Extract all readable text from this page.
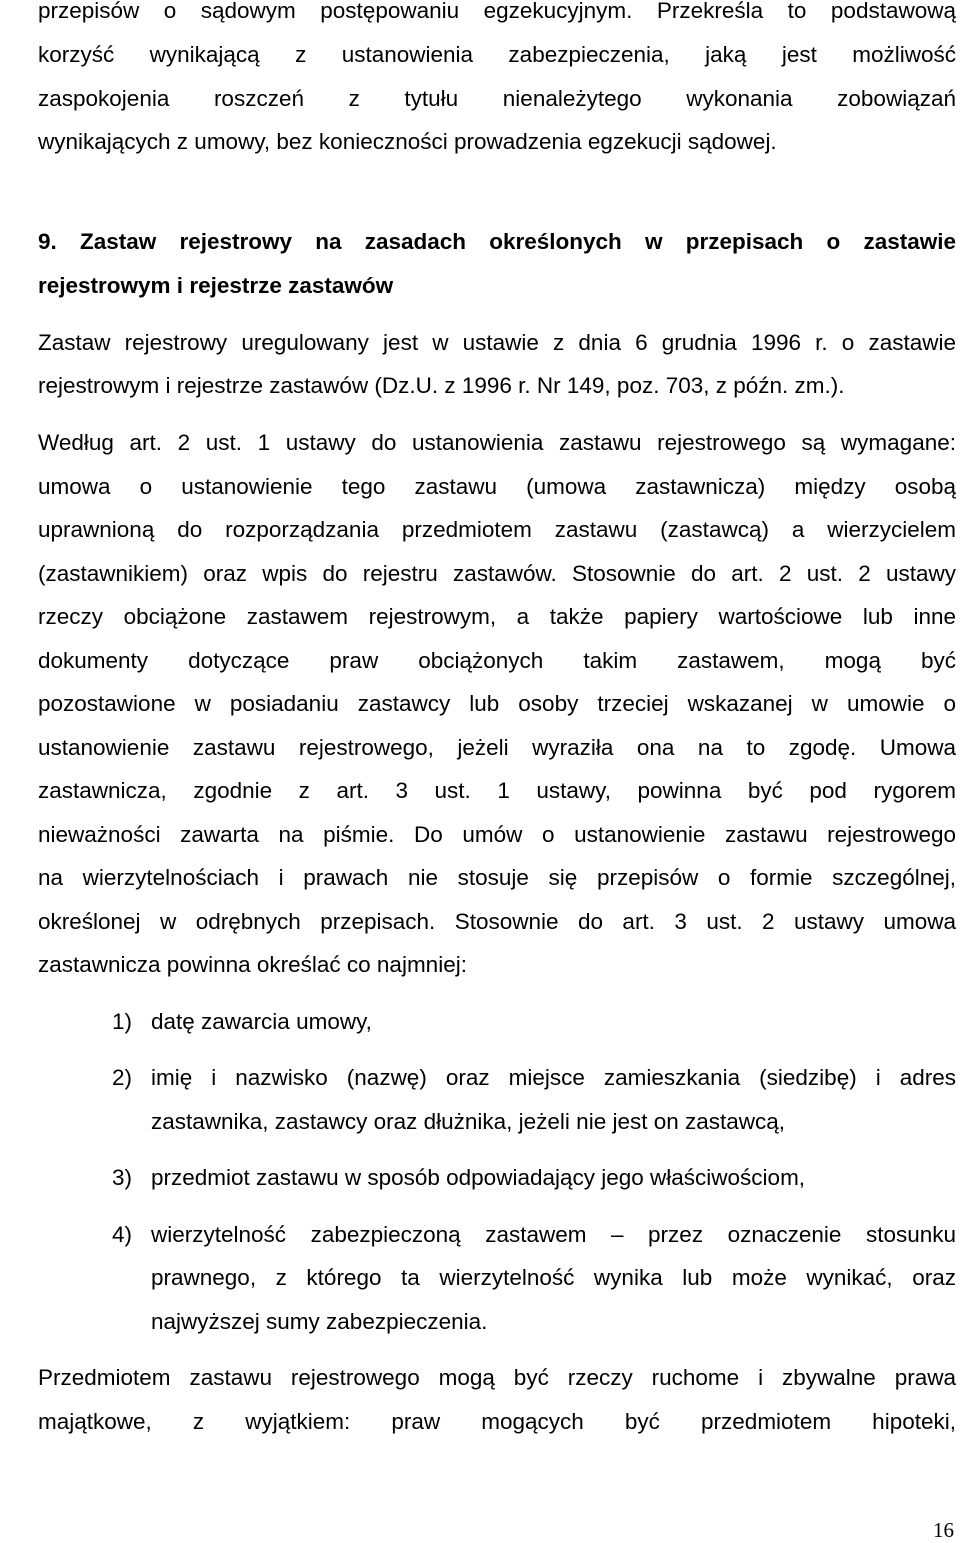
przepisów o sądowym postępowaniu egzekucyjnym. Przekreśla to podstawową
korzyść wynikającą z ustanowienia zabezpieczenia, jaką jest możliwość
zaspokojenia roszczeń z tytułu nienależytego wykonania zobowiązań
wynikających z umowy, bez konieczności prowadzenia egzekucji sądowej.
9. Zastaw rejestrowy na zasadach określonych w przepisach o zastawie
rejestrowym i rejestrze zastawów
Zastaw rejestrowy uregulowany jest w ustawie z dnia 6 grudnia 1996 r. o zastawie
rejestrowym i rejestrze zastawów (Dz.U. z 1996 r. Nr 149, poz. 703, z późn. zm.).
Według art. 2 ust. 1 ustawy do ustanowienia zastawu rejestrowego są wymagane:
umowa o ustanowienie tego zastawu (umowa zastawnicza) między osobą
uprawnioną do rozporządzania przedmiotem zastawu (zastawcą) a wierzycielem
(zastawnikiem) oraz wpis do rejestru zastawów. Stosownie do art. 2 ust. 2 ustawy
rzeczy obciążone zastawem rejestrowym, a także papiery wartościowe lub inne
dokumenty dotyczące praw obciążonych takim zastawem, mogą być
pozostawione w posiadaniu zastawcy lub osoby trzeciej wskazanej w umowie o
ustanowienie zastawu rejestrowego, jeżeli wyraziła ona na to zgodę. Umowa
zastawnicza, zgodnie z art. 3 ust. 1 ustawy, powinna być pod rygorem
nieważności zawarta na piśmie. Do umów o ustanowienie zastawu rejestrowego
na wierzytelnościach i prawach nie stosuje się przepisów o formie szczególnej,
określonej w odrębnych przepisach. Stosownie do art. 3 ust. 2 ustawy umowa
zastawnicza powinna określać co najmniej:
1) datę zawarcia umowy,
2) imię i nazwisko (nazwę) oraz miejsce zamieszkania (siedzibę) i adres
zastawnika, zastawcy oraz dłużnika, jeżeli nie jest on zastawcą,
3) przedmiot zastawu w sposób odpowiadający jego właściwościom,
4) wierzytelność zabezpieczoną zastawem – przez oznaczenie stosunku
prawnego, z którego ta wierzytelność wynika lub może wynikać, oraz
najwyższej sumy zabezpieczenia.
Przedmiotem zastawu rejestrowego mogą być rzeczy ruchome i zbywalne prawa
majątkowe, z wyjątkiem: praw mogących być przedmiotem hipoteki,
16
